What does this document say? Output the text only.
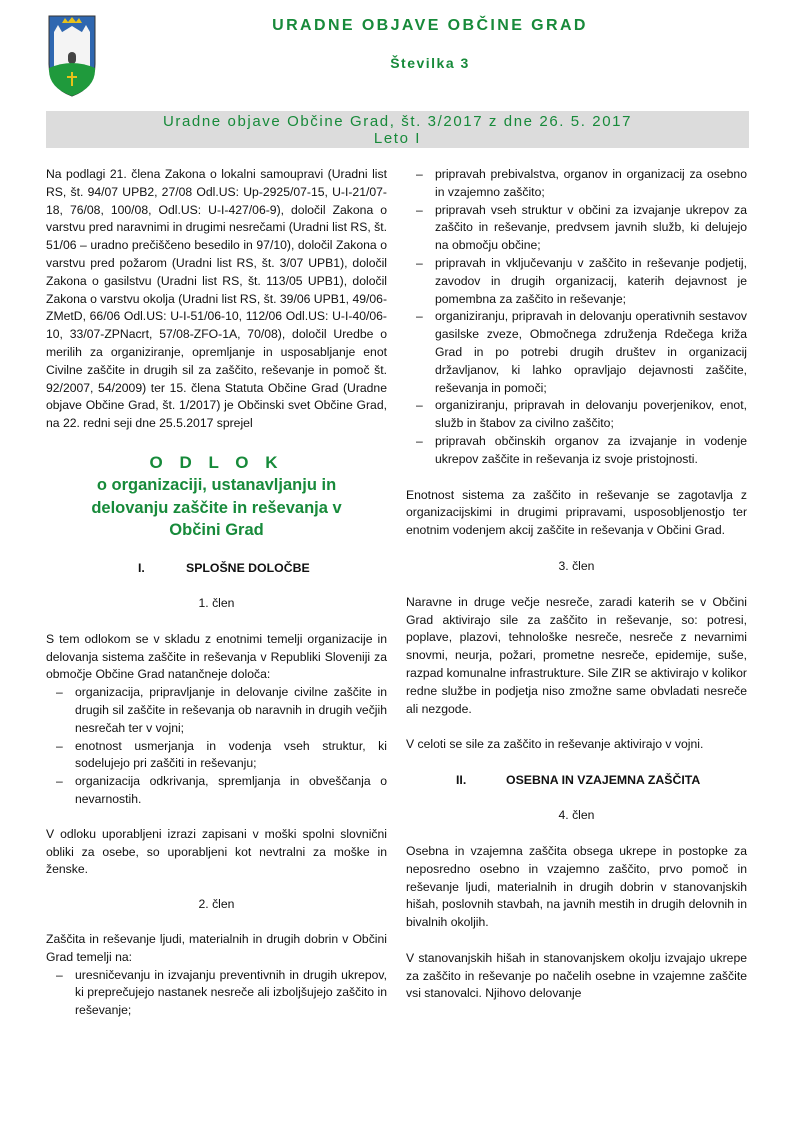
URADNE OBJAVE OBČINE GRAD
Številka 3
Uradne objave Občine Grad, št. 3/2017 z dne 26. 5. 2017
Leto I

Na podlagi 21. člena Zakona o lokalni samoupravi (Uradni list RS, št. 94/07 UPB2, 27/08 Odl.US: Up-2925/07-15, U-I-21/07-18, 76/08, 100/08, Odl.US: U-I-427/06-9), določil Zakona o varstvu pred naravnimi in drugimi nesrečami (Uradni list RS, št. 51/06 – uradno prečiščeno besedilo in 97/10), določil Zakona o varstvu pred požarom (Uradni list RS, št. 3/07 UPB1), določil Zakona o gasilstvu (Uradni list RS, št. 113/05 UPB1), določil Zakona o varstvu okolja (Uradni list RS, št. 39/06 UPB1, 49/06-ZMetD, 66/06 Odl.US: U-I-51/06-10, 112/06 Odl.US: U-I-40/06-10, 33/07-ZPNacrt, 57/08-ZFO-1A, 70/08), določil Uredbe o merilih za organiziranje, opremljanje in usposabljanje enot Civilne zaščite in drugih sil za zaščito, reševanje in pomoč št. 92/2007, 54/2009) ter 15. člena Statuta Občine Grad (Uradne objave Občine Grad, št. 1/2017) je Občinski svet Občine Grad, na 22. redni seji dne 25.5.2017 sprejel

O D L O K
o organizaciji, ustanavljanju in
delovanju zaščite in reševanja v
Občini Grad
I.	SPLOŠNE DOLOČBE

1. člen

S tem odlokom se v skladu z enotnimi temelji organizacije in delovanja sistema zaščite in reševanja v Republiki Sloveniji za območje Občine Grad natančneje določa:

– organizacija, pripravljanje in delovanje civilne zaščite in drugih sil zaščite in reševanja ob naravnih in drugih večjih nesrečah ter v vojni;
– enotnost usmerjanja in vodenja vseh struktur, ki sodelujejo pri zaščiti in reševanju;
– organizacija odkrivanja, spremljanja in obveščanja o nevarnostih.

V odloku uporabljeni izrazi zapisani v moški spolni slovnični obliki za osebe, so uporabljeni kot nevtralni za moške in ženske.

2. člen

Zaščita in reševanje ljudi, materialnih in drugih dobrin v Občini Grad temelji na:

– uresničevanju in izvajanju preventivnih in drugih ukrepov, ki preprečujejo nastanek nesreče ali izboljšujejo zaščito in reševanje;
– pripravah prebivalstva, organov in organizacij za osebno in vzajemno zaščito;
– pripravah vseh struktur v občini za izvajanje ukrepov za zaščito in reševanje, predvsem javnih služb, ki delujejo na območju občine;
– pripravah in vključevanju v zaščito in reševanje podjetij, zavodov in drugih organizacij, katerih dejavnost je pomembna za zaščito in reševanje;
– organiziranju, pripravah in delovanju operativnih sestavov gasilske zveze, Območnega združenja Rdečega križa Grad in po potrebi drugih društev in organizacij državljanov, ki lahko opravljajo dejavnosti zaščite, reševanja in pomoči;
– organiziranju, pripravah in delovanju poverjenikov, enot, služb in štabov za civilno zaščito;
– pripravah občinskih organov za izvajanje in vodenje ukrepov zaščite in reševanja iz svoje pristojnosti.

Enotnost sistema za zaščito in reševanje se zagotavlja z organizacijskimi in drugimi pripravami, usposobljenostjo ter enotnim vodenjem akcij zaščite in reševanja v Občini Grad.

3. člen

Naravne in druge večje nesreče, zaradi katerih se v Občini Grad aktivirajo sile za zaščito in reševanje, so: potresi, poplave, plazovi, tehnološke nesreče, nesreče z nevarnimi snovmi, neurja, požari, prometne nesreče, epidemije, suše, razpad komunalne infrastrukture. Sile ZIR se aktivirajo v kolikor redne službe in podjetja niso zmožne same obvladati nesreče ali nezgode.

V celoti se sile za zaščito in reševanje aktivirajo v vojni.

II.	OSEBNA IN VZAJEMNA ZAŠČITA

4. člen

Osebna in vzajemna zaščita obsega ukrepe in postopke za neposredno osebno in vzajemno zaščito, prvo pomoč in reševanje ljudi, materialnih in drugih dobrin v stanovanjskih hišah, poslovnih stavbah, na javnih mestih in drugih delovnih in bivalnih okoljih.

V stanovanjskih hišah in stanovanjskem okolju izvajajo ukrepe za zaščito in reševanje po načelih osebne in vzajemne zaščite vsi stanovalci. Njihovo delovanje
